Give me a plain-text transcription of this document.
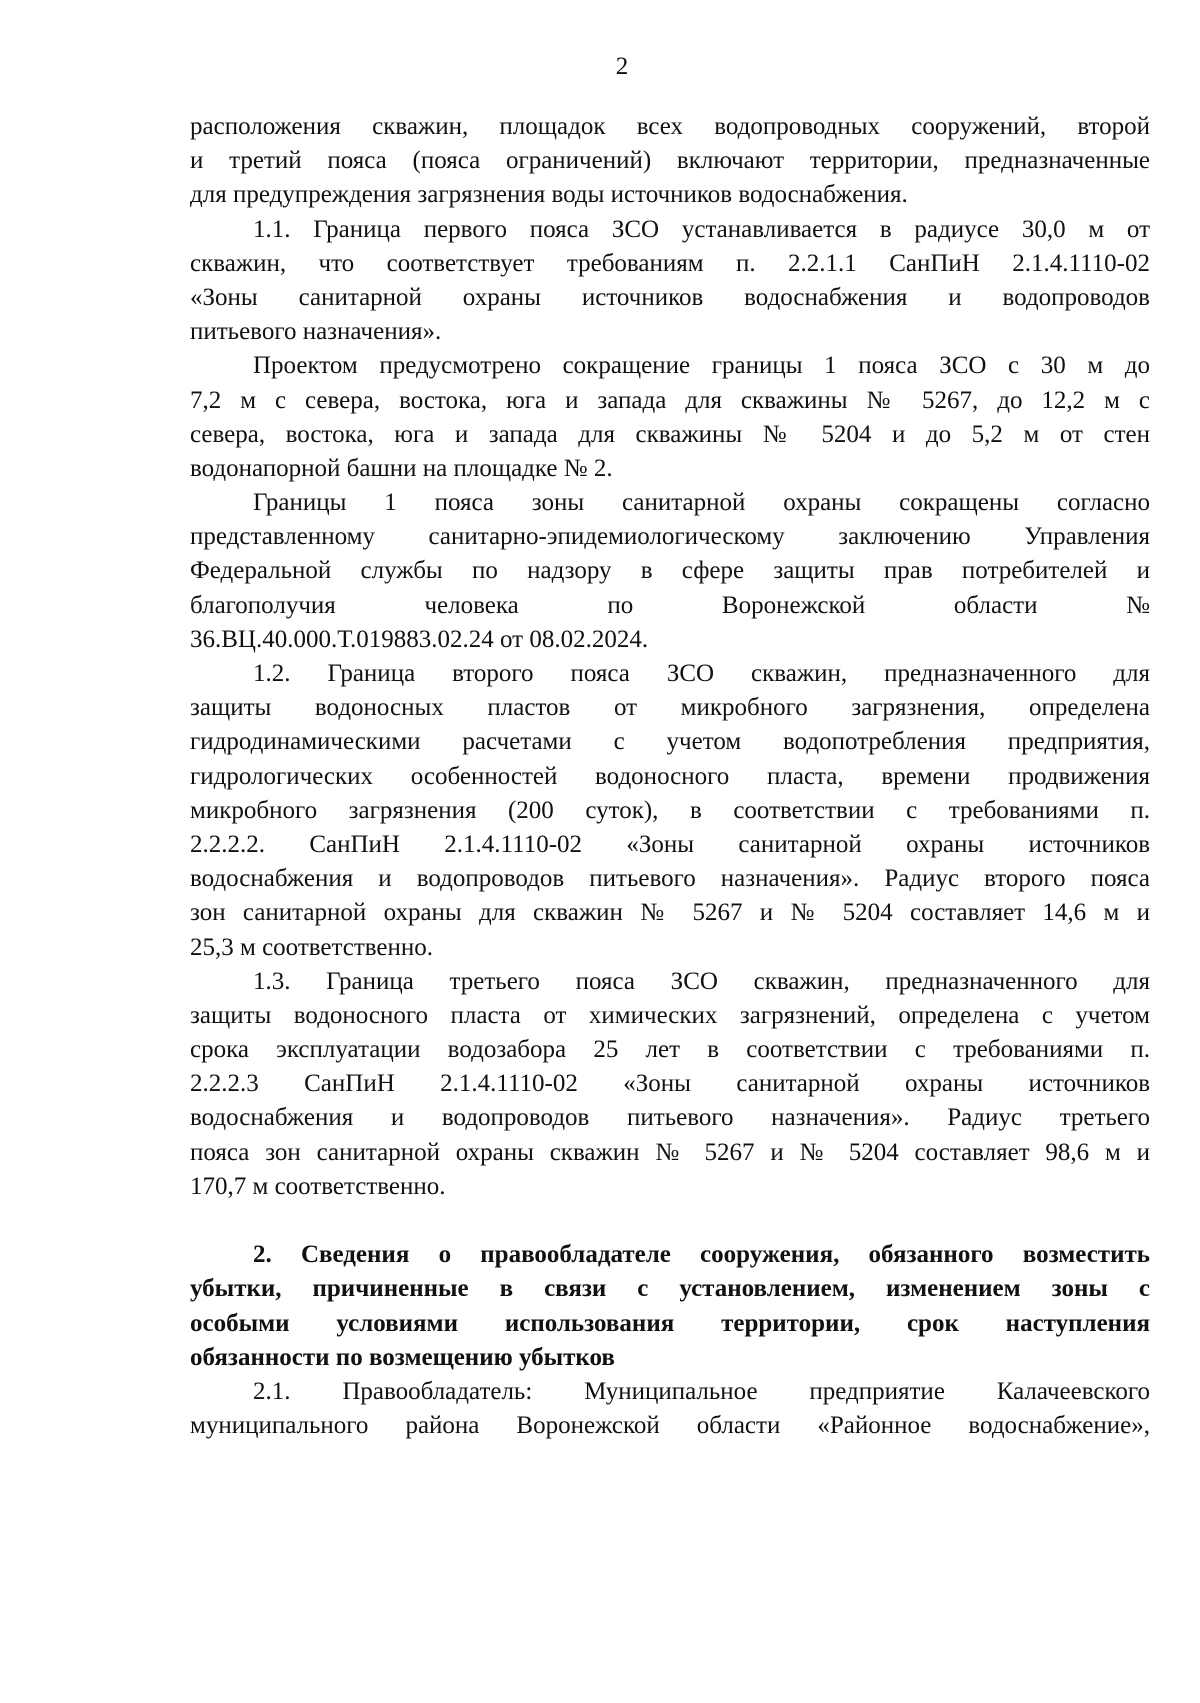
2
расположения скважин, площадок всех водопроводных сооружений, второй
и третий пояса (пояса ограничений) включают территории, предназначенные
для предупреждения загрязнения воды источников водоснабжения.
1.1. Граница первого пояса ЗСО устанавливается в радиусе 30,0 м от
скважин, что соответствует требованиям п. 2.2.1.1 СанПиН 2.1.4.1110-02
«Зоны санитарной охраны источников водоснабжения и водопроводов
питьевого назначения».
Проектом предусмотрено сокращение границы 1 пояса ЗСО с 30 м до
7,2 м с севера, востока, юга и запада для скважины № 5267, до 12,2 м с
севера, востока, юга и запада для скважины № 5204 и до 5,2 м от стен
водонапорной башни на площадке № 2.
Границы 1 пояса зоны санитарной охраны сокращены согласно
представленному санитарно-эпидемиологическому заключению Управления
Федеральной службы по надзору в сфере защиты прав потребителей и
благополучия человека по Воронежской области №
36.ВЦ.40.000.Т.019883.02.24 от 08.02.2024.
1.2. Граница второго пояса ЗСО скважин, предназначенного для
защиты водоносных пластов от микробного загрязнения, определена
гидродинамическими расчетами с учетом водопотребления предприятия,
гидрологических особенностей водоносного пласта, времени продвижения
микробного загрязнения (200 суток), в соответствии с требованиями п.
2.2.2.2. СанПиН 2.1.4.1110-02 «Зоны санитарной охраны источников
водоснабжения и водопроводов питьевого назначения». Радиус второго пояса
зон санитарной охраны для скважин № 5267 и № 5204 составляет 14,6 м и
25,3 м соответственно.
1.3. Граница третьего пояса ЗСО скважин, предназначенного для
защиты водоносного пласта от химических загрязнений, определена с учетом
срока эксплуатации водозабора 25 лет в соответствии с требованиями п.
2.2.2.3 СанПиН 2.1.4.1110-02 «Зоны санитарной охраны источников
водоснабжения и водопроводов питьевого назначения». Радиус третьего
пояса зон санитарной охраны скважин № 5267 и № 5204 составляет 98,6 м и
170,7 м соответственно.
2. Сведения о правообладателе сооружения, обязанного возместить
убытки, причиненные в связи с установлением, изменением зоны с
особыми условиями использования территории, срок наступления
обязанности по возмещению убытков
2.1. Правообладатель: Муниципальное предприятие Калачеевского
муниципального района Воронежской области «Районное водоснабжение»,
